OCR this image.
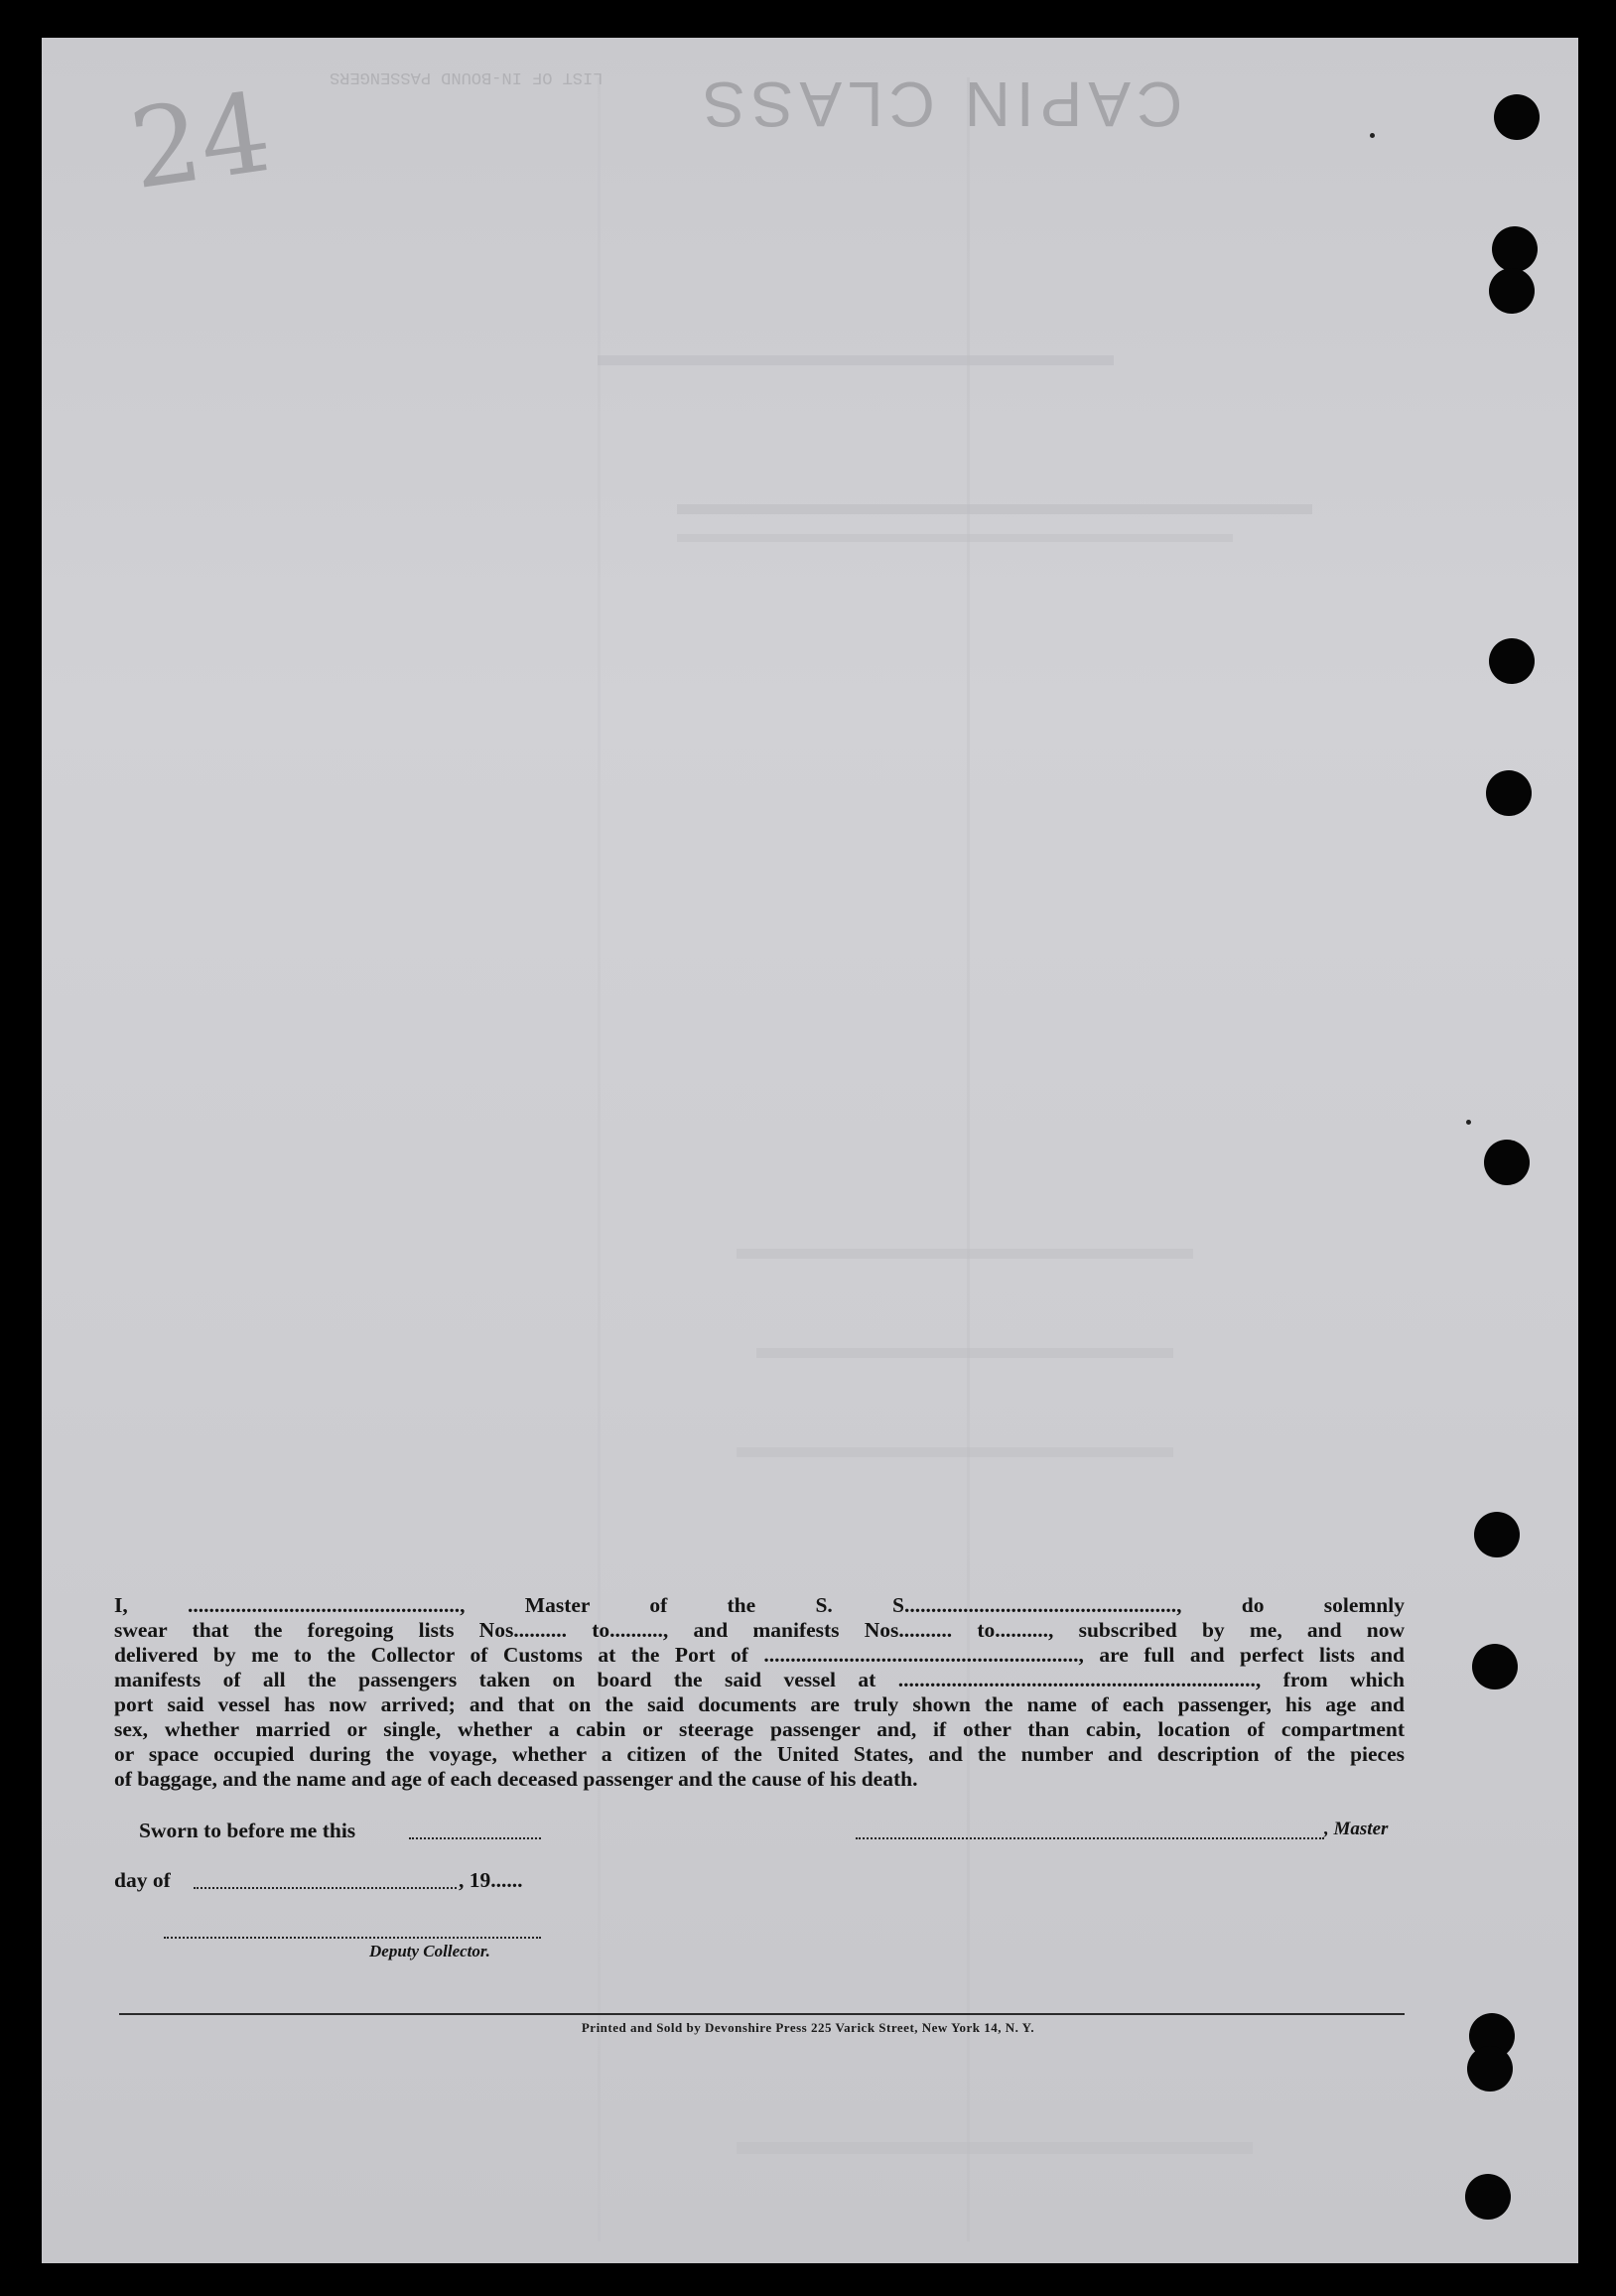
24	CAPIN CLASS
LIST OF IN-BOUND PASSENGERS
I, ..................................................., Master of the S. S..................................................., do solemnly
swear that the foregoing lists Nos.......... to.........., and manifests Nos.......... to.........., subscribed by me, and now
delivered by me to the Collector of Customs at the Port of ..........................................................., are full and perfect lists and
manifests of all the passengers taken on board the said vessel at ..................................................................., from which
port said vessel has now arrived; and that on the said documents are truly shown the name of each passenger, his age and
sex, whether married or single, whether a cabin or steerage passenger and, if other than cabin, location of compartment
or space occupied during the voyage, whether a citizen of the United States, and the number and description of the pieces
of baggage, and the name and age of each deceased passenger and the cause of his death.
Sworn to before me this	, Master
day of	, 19......
Deputy Collector.
Printed and Sold by Devonshire Press 225 Varick Street, New York 14, N. Y.
